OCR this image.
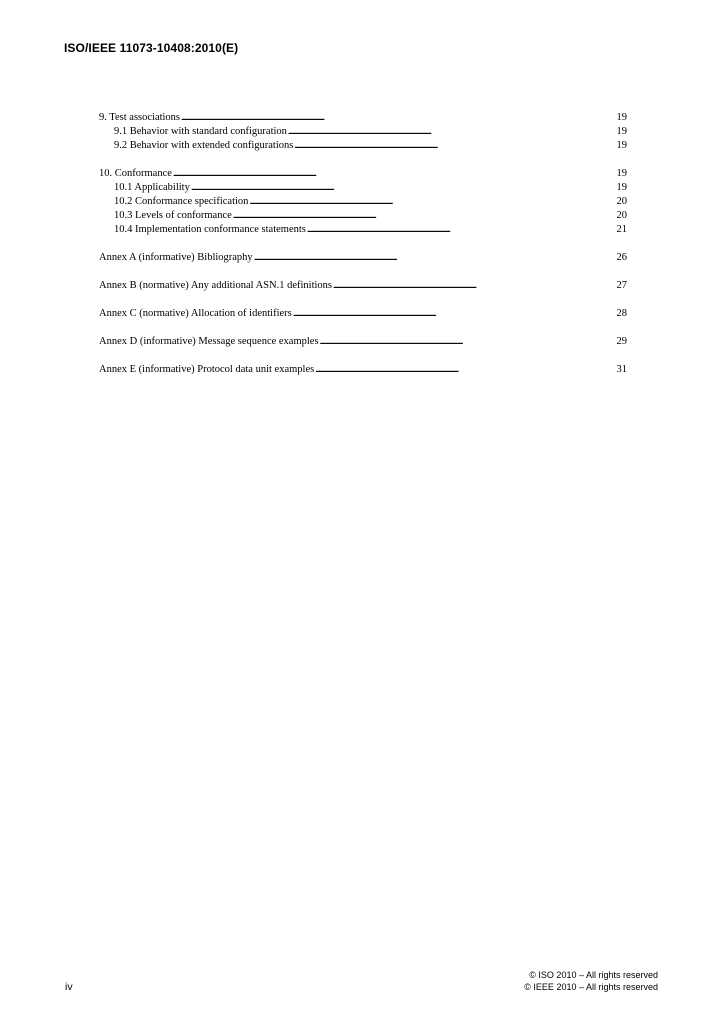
ISO/IEEE 11073-10408:2010(E)
9. Test associations . . .	19
9.1 Behavior with standard configuration . . .	19
9.2 Behavior with extended configurations . . .	19
10. Conformance . . .	19
10.1 Applicability . . .	19
10.2 Conformance specification . . .	20
10.3 Levels of conformance . . .	20
10.4 Implementation conformance statements . . .	21
Annex A (informative) Bibliography . . .	26
Annex B (normative) Any additional ASN.1 definitions . . .	27
Annex C (normative) Allocation of identifiers . . .	28
Annex D (informative) Message sequence examples . . .	29
Annex E (informative) Protocol data unit examples . . .	31
iv
© ISO 2010 – All rights reserved
© IEEE 2010 – All rights reserved
